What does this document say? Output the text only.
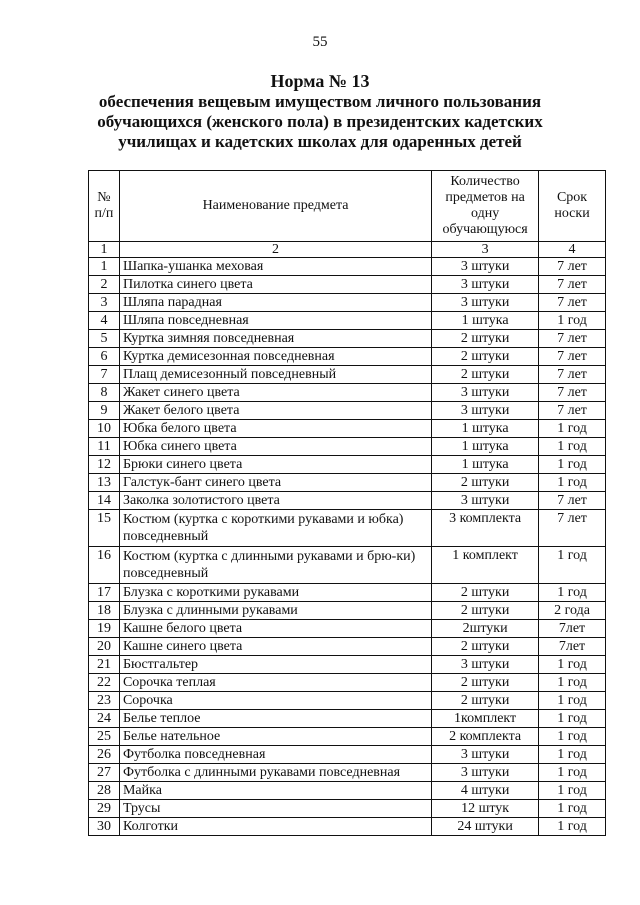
55
Норма № 13
обеспечения вещевым имуществом личного пользования обучающихся (женского пола) в президентских кадетских училищах и кадетских школах для одаренных детей
№ п/п	Наименование предмета	Количество предметов на одну обучающуюся	Срок носки
1	2	3	4
1	Шапка-ушанка меховая	3 штуки	7 лет
2	Пилотка синего цвета	3 штуки	7 лет
3	Шляпа парадная	3 штуки	7 лет
4	Шляпа повседневная	1 штука	1 год
5	Куртка зимняя повседневная	2 штуки	7 лет
6	Куртка демисезонная повседневная	2 штуки	7 лет
7	Плащ демисезонный повседневный	2 штуки	7 лет
8	Жакет синего цвета	3 штуки	7 лет
9	Жакет белого цвета	3 штуки	7 лет
10	Юбка белого цвета	1 штука	1 год
11	Юбка синего цвета	1 штука	1 год
12	Брюки синего цвета	1 штука	1 год
13	Галстук-бант синего цвета	2 штуки	1 год
14	Заколка золотистого цвета	3 штуки	7 лет
15	Костюм (куртка с короткими рукавами и юбка) повседневный	3 комплекта	7 лет
16	Костюм (куртка с длинными рукавами и брю-ки) повседневный	1 комплект	1 год
17	Блузка с короткими рукавами	2 штуки	1 год
18	Блузка с длинными рукавами	2 штуки	2 года
19	Кашне белого цвета	2штуки	7лет
20	Кашне синего цвета	2 штуки	7лет
21	Бюстгальтер	3 штуки	1 год
22	Сорочка теплая	2 штуки	1 год
23	Сорочка	2 штуки	1 год
24	Белье теплое	1комплект	1 год
25	Белье нательное	2 комплекта	1 год
26	Футболка повседневная	3 штуки	1 год
27	Футболка с длинными рукавами повседневная	3 штуки	1 год
28	Майка	4 штуки	1 год
29	Трусы	12 штук	1 год
30	Колготки	24 штуки	1 год
